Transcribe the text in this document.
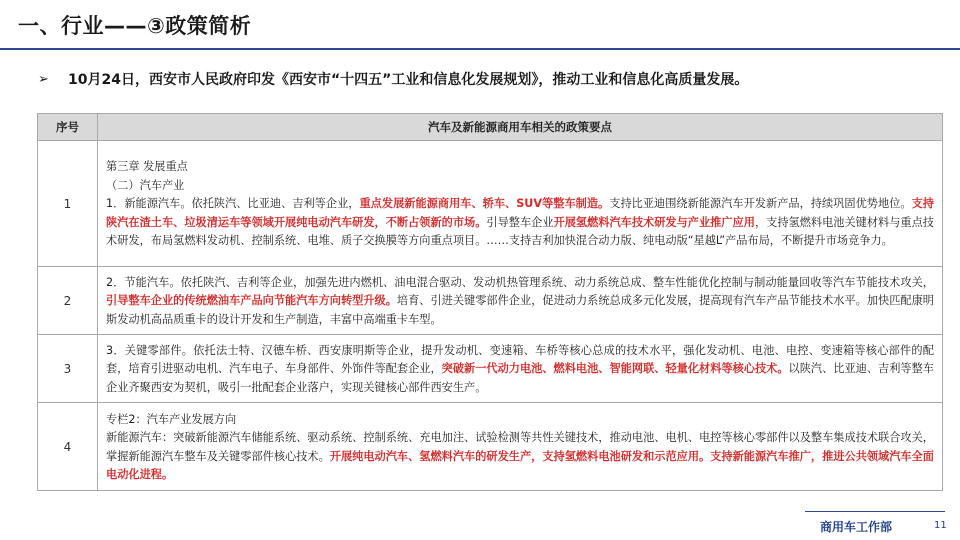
一、行业——③政策简析
➢	10月24日，西安市人民政府印发《西安市“十四五”工业和信息化发展规划》，推动工业和信息化高质量发展。
序号	汽车及新能源商用车相关的政策要点
1	第三章 发展重点
（二）汽车产业
1．新能源汽车。依托陕汽、比亚迪、吉利等企业，重点发展新能源商用车、轿车、SUV等整车制造。支持比亚迪围绕新能源汽车开发新产品，持续巩固优势地位。支持陕汽在渣土车、垃圾清运车等领域开展纯电动汽车研发，不断占领新的市场。引导整车企业开展氢燃料汽车技术研发与产业推广应用，支持氢燃料电池关键材料与重点技术研发，布局氢燃料发动机、控制系统、电堆、质子交换膜等方向重点项目。……支持吉利加快混合动力版、纯电动版“星越L”产品布局，不断提升市场竞争力。

2	2．节能汽车。依托陕汽、吉利等企业，加强先进内燃机、油电混合驱动、发动机热管理系统、动力系统总成、整车性能优化控制与制动能量回收等汽车节能技术攻关，引导整车企业的传统燃油车产品向节能汽车方向转型升级。培育、引进关键零部件企业，促进动力系统总成多元化发展，提高现有汽车产品节能技术水平。加快匹配康明斯发动机高品质重卡的设计开发和生产制造，丰富中高端重卡车型。

3	3．关键零部件。依托法士特、汉德车桥、西安康明斯等企业，提升发动机、变速箱、车桥等核心总成的技术水平，强化发动机、电池、电控、变速箱等核心部件的配套，培育引进驱动电机、汽车电子、车身部件、外饰件等配套企业，突破新一代动力电池、燃料电池、智能网联、轻量化材料等核心技术。以陕汽、比亚迪、吉利等整车企业齐聚西安为契机，吸引一批配套企业落户，实现关键核心部件西安生产。

4	专栏2：汽车产业发展方向
新能源汽车：突破新能源汽车储能系统、驱动系统、控制系统、充电加注、试验检测等共性关键技术，推动电池、电机、电控等核心零部件以及整车集成技术联合攻关，掌握新能源汽车整车及关键零部件核心技术。开展纯电动汽车、氢燃料汽车的研发生产，支持氢燃料电池研发和示范应用。支持新能源汽车推广，推进公共领域汽车全面电动化进程。
商用车工作部	11
